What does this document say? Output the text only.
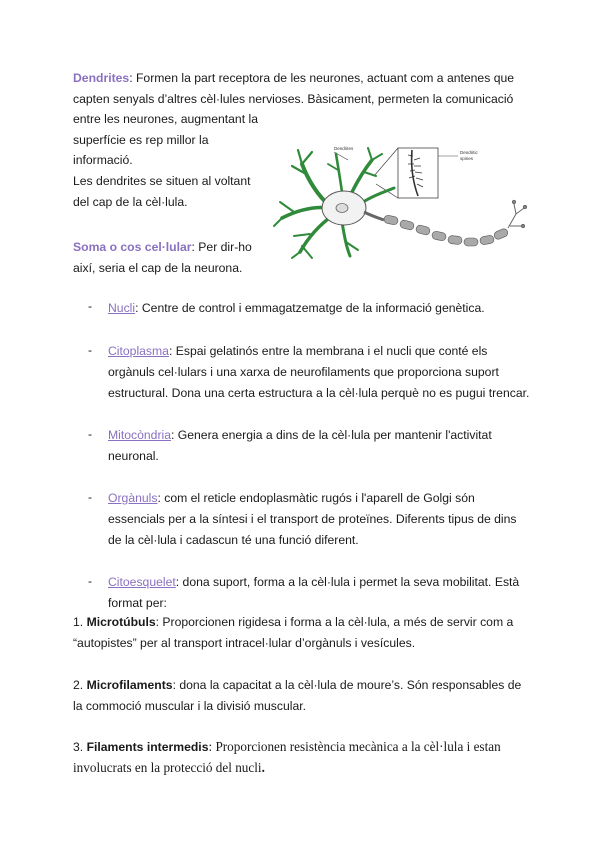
Dendrites: Formen la part receptora de les neurones, actuant com a antenes que
capten senyals d’altres cèl·lules nervioses. Bàsicament, permeten la comunicació
entre les neurones, augmentant la
superfície es rep millor la
informació.
Les dendrites se situen al voltant
del cap de la cèl·lula.
Dendrites
Dendritic
spines
Soma o cos cel·lular: Per dir-ho
així, seria el cap de la neurona.
- Nucli: Centre de control i emmagatzematge de la informació genètica.
- Citoplasma: Espai gelatinós entre la membrana i el nucli que conté els
orgànuls cel·lulars i una xarxa de neurofilaments que proporciona suport
estructural. Dona una certa estructura a la cèl·lula perquè no es pugui trencar.
- Mitocòndria: Genera energia a dins de la cèl·lula per mantenir l'activitat
neuronal.
- Orgànuls: com el reticle endoplasmàtic rugós i l'aparell de Golgi són
essencials per a la síntesi i el transport de proteïnes. Diferents tipus de dins
de la cèl·lula i cadascun té una funció diferent.
- Citoesquelet: dona suport, forma a la cèl·lula i permet la seva mobilitat. Està
format per:
1. Microtúbuls: Proporcionen rigidesa i forma a la cèl·lula, a més de servir com a
“autopistes” per al transport intracel·lular d’orgànuls i vesícules.
2. Microfilaments: dona la capacitat a la cèl·lula de moure’s. Són responsables de
la commoció muscular i la divisió muscular.
3. Filaments intermedis: Proporcionen resistència mecànica a la cèl·lula i estan
involucrats en la protecció del nucli.
